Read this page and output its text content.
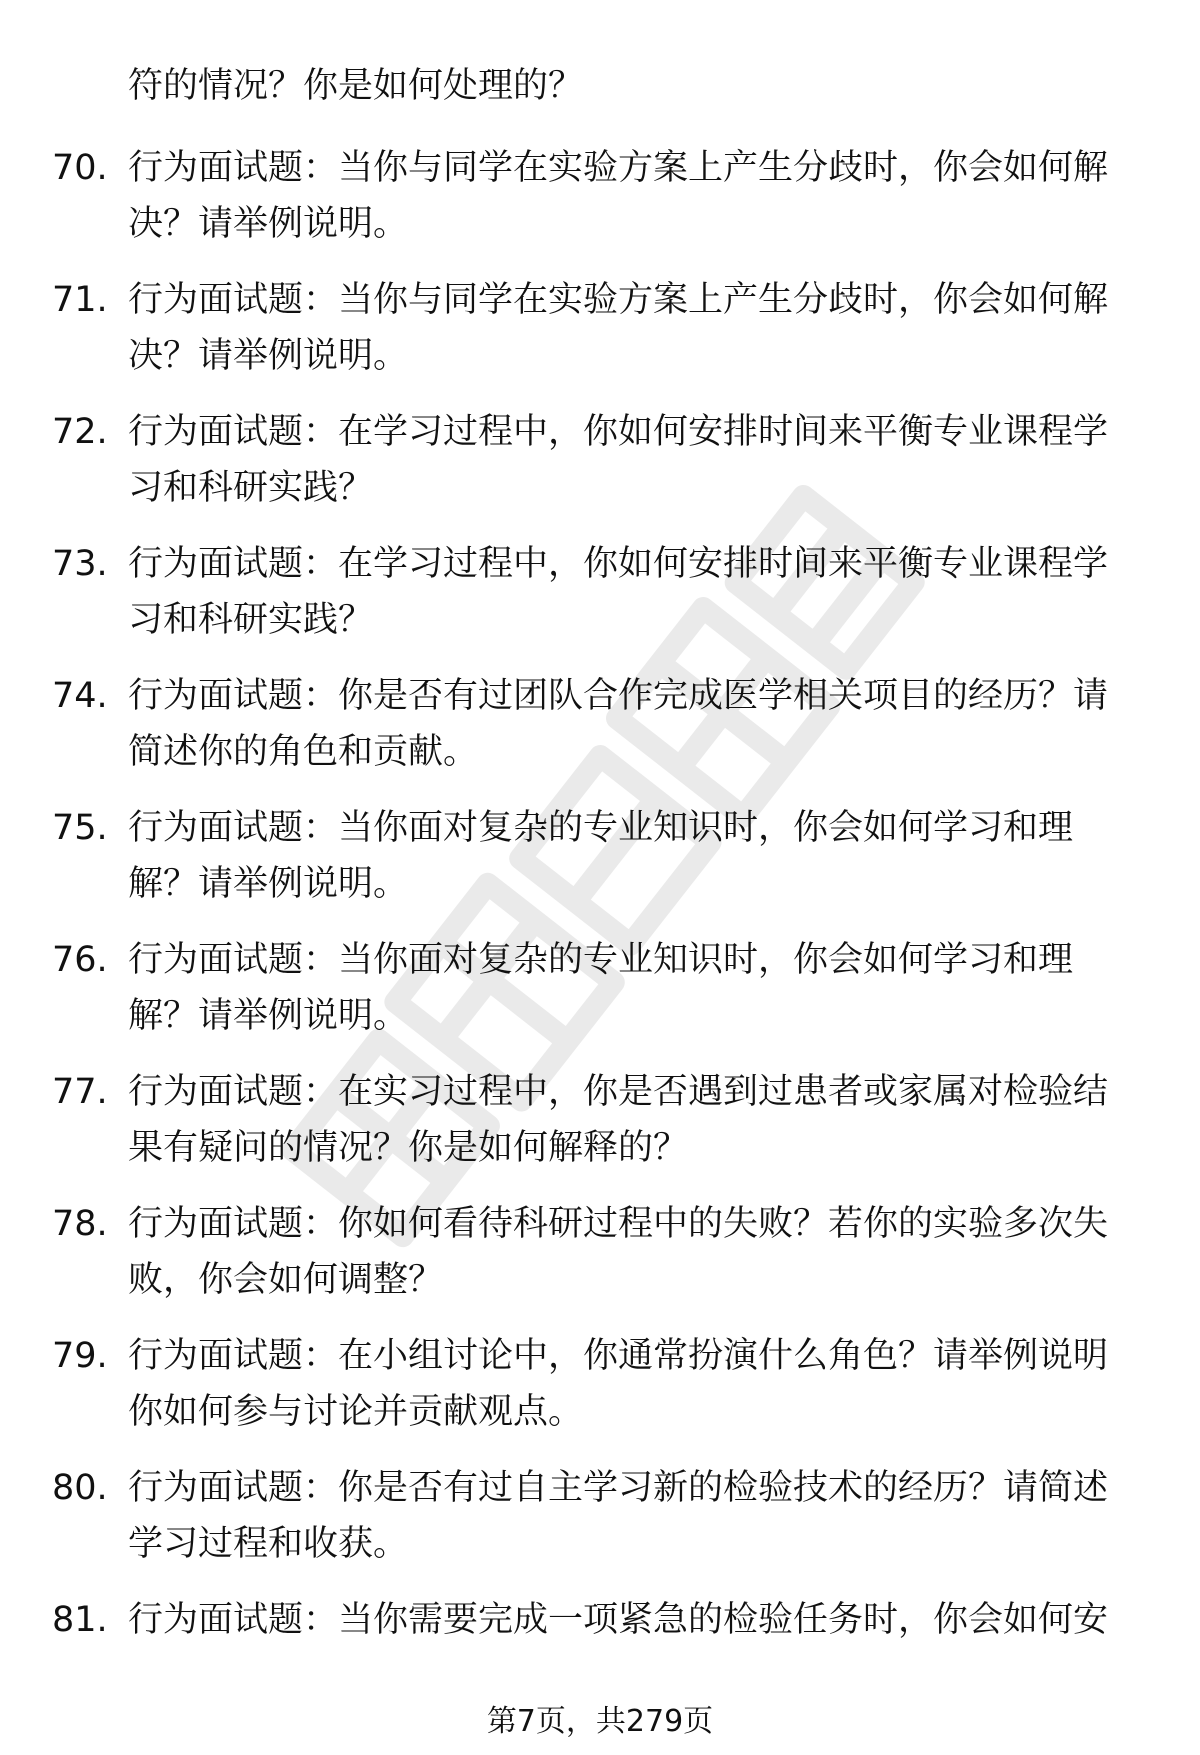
符的情况？你是如何处理的？

70. 行为面试题：当你与同学在实验方案上产生分歧时，你会如何解决？请举例说明。
71. 行为面试题：当你与同学在实验方案上产生分歧时，你会如何解决？请举例说明。
72. 行为面试题：在学习过程中，你如何安排时间来平衡专业课程学习和科研实践？
73. 行为面试题：在学习过程中，你如何安排时间来平衡专业课程学习和科研实践？
74. 行为面试题：你是否有过团队合作完成医学相关项目的经历？请简述你的角色和贡献。
75. 行为面试题：当你面对复杂的专业知识时，你会如何学习和理解？请举例说明。
76. 行为面试题：当你面对复杂的专业知识时，你会如何学习和理解？请举例说明。
77. 行为面试题：在实习过程中，你是否遇到过患者或家属对检验结果有疑问的情况？你是如何解释的？
78. 行为面试题：你如何看待科研过程中的失败？若你的实验多次失败，你会如何调整？
79. 行为面试题：在小组讨论中，你通常扮演什么角色？请举例说明你如何参与讨论并贡献观点。
80. 行为面试题：你是否有过自主学习新的检验技术的经历？请简述学习过程和收获。
81. 行为面试题：当你需要完成一项紧急的检验任务时，你会如何安
第7页，共279页
